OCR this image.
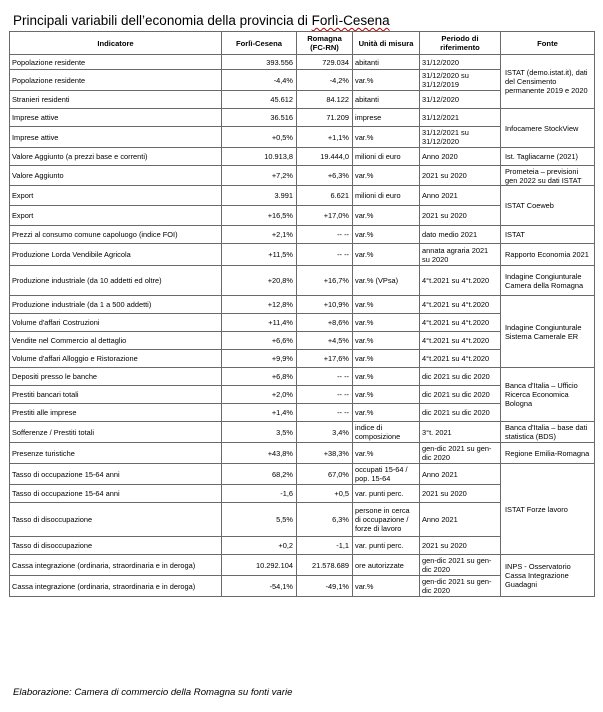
Principali variabili dell’economia della provincia di Forlì-Cesena
Indicatore	Forlì-Cesena	Romagna (FC-RN)	Unità di misura	Periodo di riferimento	Fonte
Popolazione residente	393.556	729.034	abitanti	31/12/2020	ISTAT (demo.istat.it), dati del Censimento permanente 2019 e 2020
Popolazione residente	-4,4%	-4,2%	var.%	31/12/2020 su 31/12/2019	
Stranieri residenti	45.612	84.122	abitanti	31/12/2020	
Imprese attive	36.516	71.209	imprese	31/12/2021	Infocamere StockView
Imprese attive	+0,5%	+1,1%	var.%	31/12/2021 su 31/12/2020	
Valore Aggiunto (a prezzi base e correnti)	10.913,8	19.444,0	milioni di euro	Anno 2020	Ist. Tagliacarne (2021)
Valore Aggiunto	+7,2%	+6,3%	var.%	2021 su 2020	Prometeia – previsioni gen 2022 su dati ISTAT
Export	3.991	6.621	milioni di euro	Anno 2021	ISTAT Coeweb
Export	+16,5%	+17,0%	var.%	2021 su 2020	
Prezzi al consumo comune capoluogo (indice FOI)	+2,1%	-- --	var.%	dato medio 2021	ISTAT
Produzione Lorda Vendibile Agricola	+11,5%	-- --	var.%	annata agraria 2021 su 2020	Rapporto Economia 2021
Produzione industriale (da 10 addetti ed oltre)	+20,8%	+16,7%	var.% (VPsa)	4°t.2021 su 4°t.2020	Indagine Congiunturale Camera della Romagna
Produzione industriale (da 1 a 500 addetti)	+12,8%	+10,9%	var.%	4°t.2021 su 4°t.2020	Indagine Congiunturale Sistema Camerale ER
Volume d'affari Costruzioni	+11,4%	+8,6%	var.%	4°t.2021 su 4°t.2020	
Vendite nel Commercio al dettaglio	+6,6%	+4,5%	var.%	4°t.2021 su 4°t.2020	
Volume d'affari Alloggio e Ristorazione	+9,9%	+17,6%	var.%	4°t.2021 su 4°t.2020	
Depositi presso le banche	+6,8%	-- --	var.%	dic 2021 su dic 2020	Banca d'Italia – Ufficio Ricerca Economica Bologna
Prestiti bancari totali	+2,0%	-- --	var.%	dic 2021 su dic 2020	
Prestiti alle imprese	+1,4%	-- --	var.%	dic 2021 su dic 2020	
Sofferenze / Prestiti totali	3,5%	3,4%	indice di composizione	3°t. 2021	Banca d'Italia – base dati statistica (BDS)
Presenze turistiche	+43,8%	+38,3%	var.%	gen-dic 2021 su gen-dic 2020	Regione Emilia-Romagna
Tasso di occupazione 15-64 anni	68,2%	67,0%	occupati 15-64 / pop. 15-64	Anno 2021	ISTAT Forze lavoro
Tasso di occupazione 15-64 anni	-1,6	+0,5	var. punti perc.	2021 su 2020	
Tasso di disoccupazione	5,5%	6,3%	persone in cerca di occupazione / forze di lavoro	Anno 2021	
Tasso di disoccupazione	+0,2	-1,1	var. punti perc.	2021 su 2020	
Cassa integrazione (ordinaria, straordinaria e in deroga)	10.292.104	21.578.689	ore autorizzate	gen-dic 2021 su gen-dic 2020	INPS - Osservatorio Cassa Integrazione Guadagni
Cassa integrazione (ordinaria, straordinaria e in deroga)	-54,1%	-49,1%	var.%	gen-dic 2021 su gen-dic 2020	
Elaborazione: Camera di commercio della Romagna su fonti varie
